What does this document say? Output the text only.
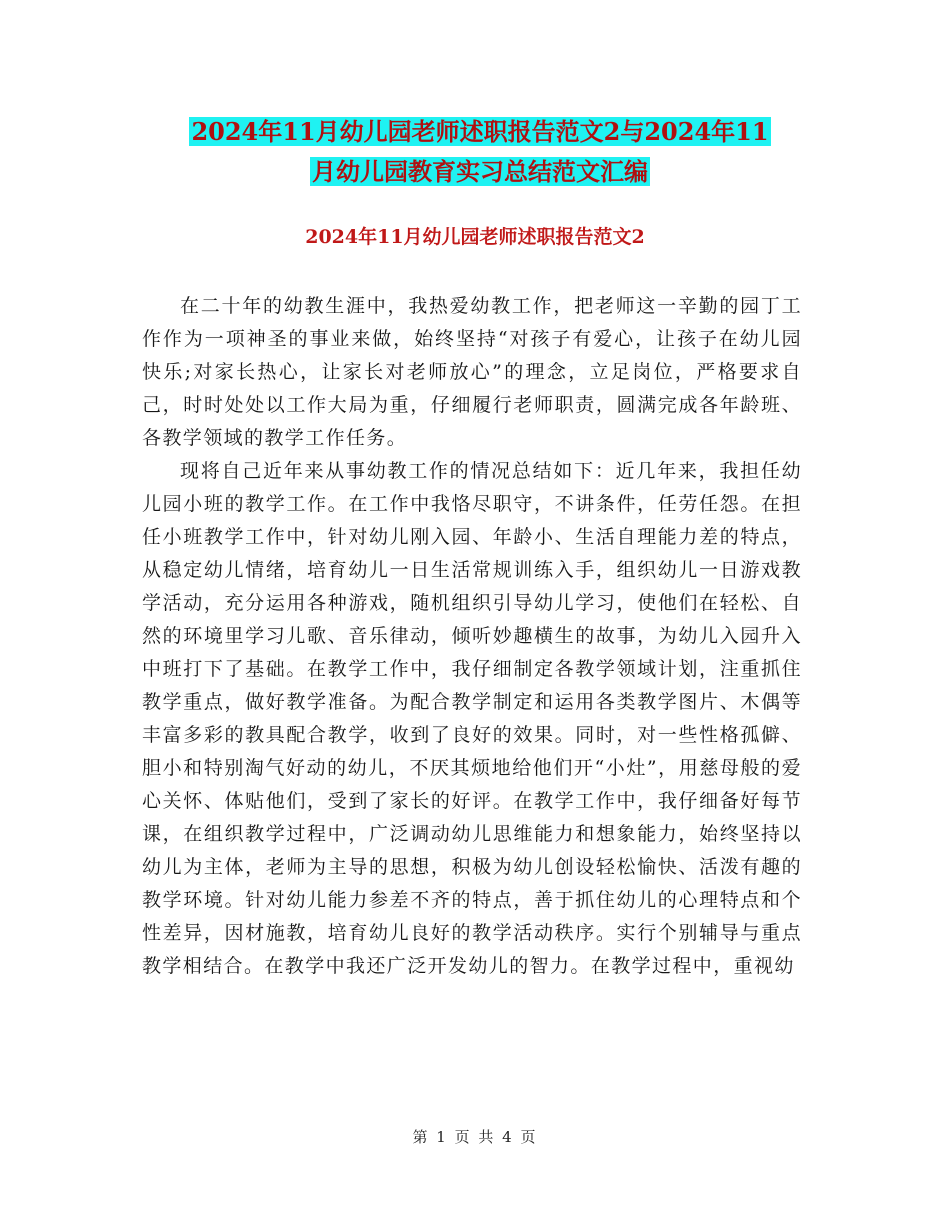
2024年11月幼儿园老师述职报告范文2与2024年11
月幼儿园教育实习总结范文汇编
2024年11月幼儿园老师述职报告范文2

在二十年的幼教生涯中，我热爱幼教工作，把老师这一辛勤的园丁工作作为一项神圣的事业来做，始终坚持“对孩子有爱心，让孩子在幼儿园快乐;对家长热心，让家长对老师放心”的理念，立足岗位，严格要求自己，时时处处以工作大局为重，仔细履行老师职责，圆满完成各年龄班、各教学领域的教学工作任务。

现将自己近年来从事幼教工作的情况总结如下：近几年来，我担任幼儿园小班的教学工作。在工作中我恪尽职守，不讲条件，任劳任怨。在担任小班教学工作中，针对幼儿刚入园、年龄小、生活自理能力差的特点，从稳定幼儿情绪，培育幼儿一日生活常规训练入手，组织幼儿一日游戏教学活动，充分运用各种游戏，随机组织引导幼儿学习，使他们在轻松、自然的环境里学习儿歌、音乐律动，倾听妙趣横生的故事，为幼儿入园升入中班打下了基础。在教学工作中，我仔细制定各教学领域计划，注重抓住教学重点，做好教学准备。为配合教学制定和运用各类教学图片、木偶等丰富多彩的教具配合教学，收到了良好的效果。同时，对一些性格孤僻、胆小和特别淘气好动的幼儿，不厌其烦地给他们开“小灶”，用慈母般的爱心关怀、体贴他们，受到了家长的好评。在教学工作中，我仔细备好每节课，在组织教学过程中，广泛调动幼儿思维能力和想象能力，始终坚持以幼儿为主体，老师为主导的思想，积极为幼儿创设轻松愉快、活泼有趣的教学环境。针对幼儿能力参差不齐的特点，善于抓住幼儿的心理特点和个性差异，因材施教，培育幼儿良好的教学活动秩序。实行个别辅导与重点教学相结合。在教学中我还广泛开发幼儿的智力。在教学过程中，重视幼

第 1 页 共 4 页
